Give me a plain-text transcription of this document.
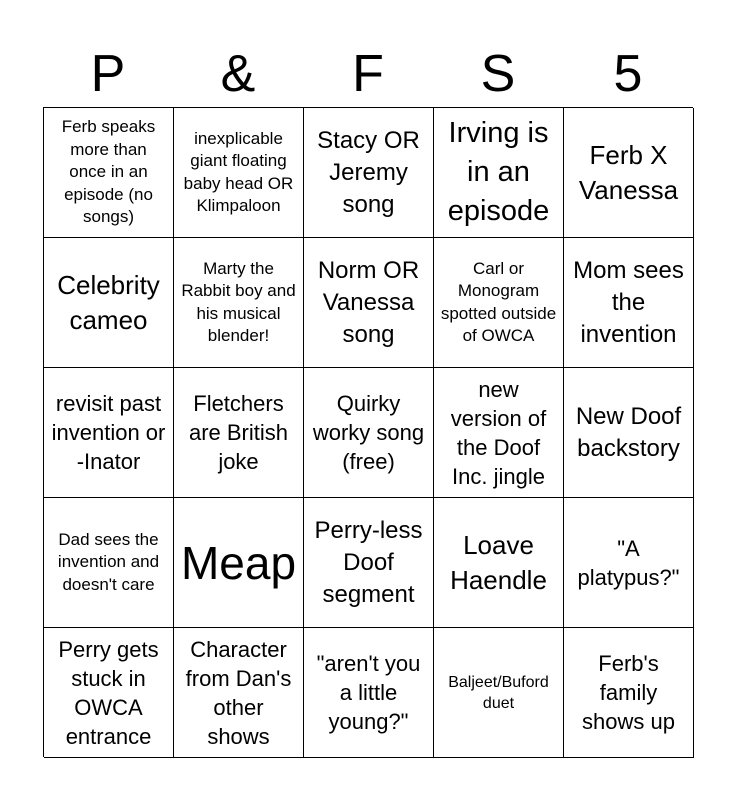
P	&	F	S	5
Ferb speaks more than once in an episode (no songs)
inexplicable giant floating baby head OR Klimpaloon
Stacy OR Jeremy song
Irving is in an episode
Ferb X Vanessa
Celebrity cameo
Marty the Rabbit boy and his musical blender!
Norm OR Vanessa song
Carl or Monogram spotted outside of OWCA
Mom sees the invention
revisit past invention or -Inator
Fletchers are British joke
Quirky worky song (free)
new version of the Doof Inc. jingle
New Doof backstory
Dad sees the invention and doesn't care Meap
Perry-less Doof segment
Loave Haendle
"A platypus?"
Perry gets stuck in OWCA entrance
Character from Dan's other shows
"aren't you a little young?"
Baljeet/Buford duet
Ferb's family shows up
